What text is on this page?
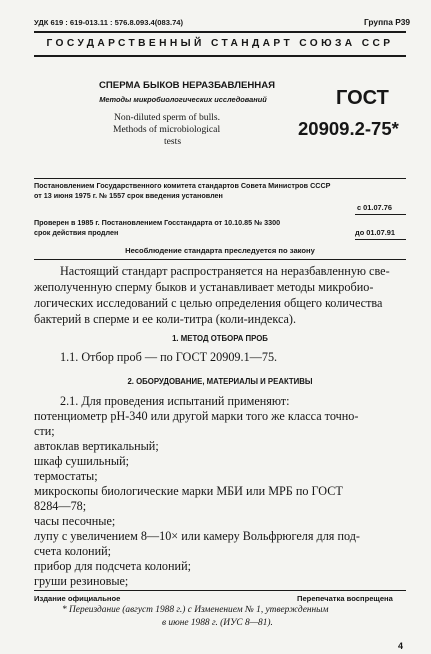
УДК 619 : 619-013.11 : 576.8.093.4(083.74)	Группа Р39
ГОСУДАРСТВЕННЫЙ СТАНДАРТ СОЮЗА ССР
СПЕРМА БЫКОВ НЕРАЗБАВЛЕННАЯ
Методы микробиологических исследований
Non-diluted sperm of bulls.
Methods of microbiological
tests
ГОСТ
20909.2-75*
Постановлением Государственного комитета стандартов Совета Министров СССР
от 13 июня 1975 г. № 1557 срок введения установлен
с 01.07.76
Проверен в 1985 г. Постановлением Госстандарта от 10.10.85 № 3300
срок действия продлен	до 01.07.91
Несоблюдение стандарта преследуется по закону
Настоящий стандарт распространяется на неразбавленную све-
жеполученную сперму быков и устанавливает методы микробио-
логических исследований с целью определения общего количества
бактерий в сперме и ее коли-титра (коли-индекса).
1. МЕТОД ОТБОРА ПРОБ
1.1. Отбор проб — по ГОСТ 20909.1—75.
2. ОБОРУДОВАНИЕ, МАТЕРИАЛЫ И РЕАКТИВЫ
2.1. Для проведения испытаний применяют:
потенциометр рН-340 или другой марки того же класса точно-
сти;
автоклав вертикальный;
шкаф сушильный;
термостаты;
микроскопы биологические марки МБИ или МРБ по ГОСТ
8284—78;
часы песочные;
лупу с увеличением 8—10× или камеру Вольфрюгеля для под-
счета колоний;
прибор для подсчета колоний;
груши резиновые;
Издание официальное	Перепечатка воспрещена
* Переиздание (август 1988 г.) с Изменением № 1, утвержденным
в июне 1988 г. (ИУС 8—81).
4
